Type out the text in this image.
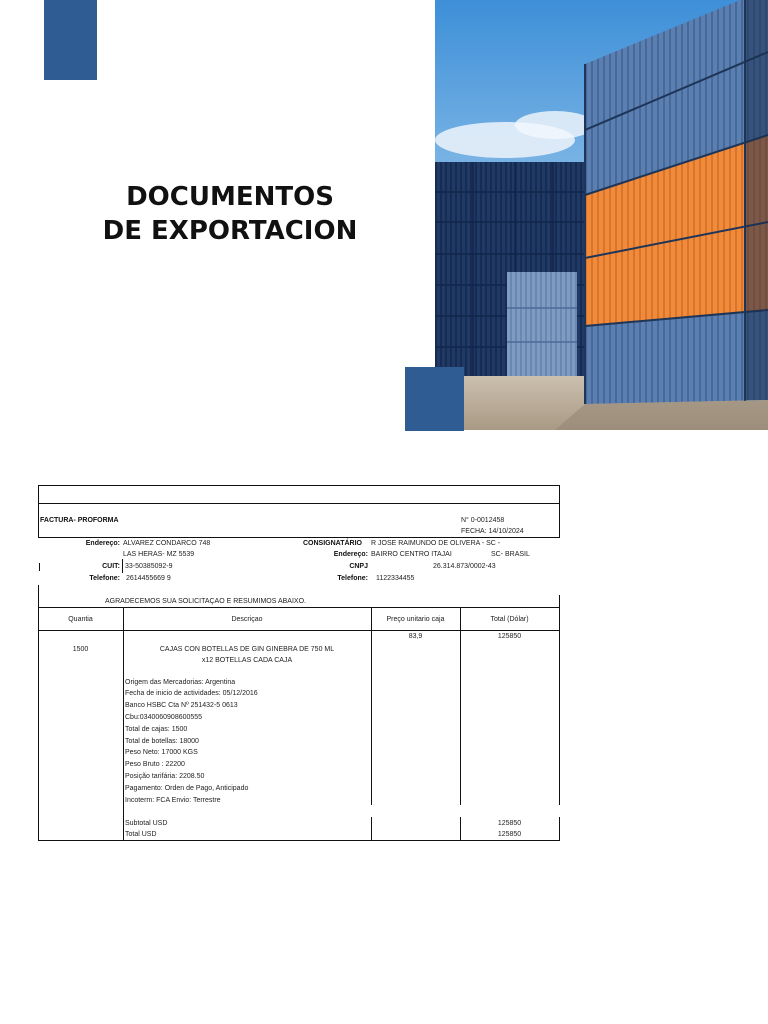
DOCUMENTOS
DE EXPORTACION
FACTURA- PROFORMA	N° 0-0012458
FECHA: 14/10/2024
Endereço: ALVAREZ CONDARCO 748
LAS HERAS- MZ 5539
CUIT: 33-50385092-9
Telefone: 2614455669 9
CONSIGNATÁRIO R JOSE RAIMUNDO DE OLIVERA - SC -
Endereço: BAIRRO CENTRO ITAJAI	SC- BRASIL
CNPJ	26.314.873/0002-43
Telefone: 1122334455
AGRADECEMOS SUA SOLICITAÇAO E RESUMIMOS ABAIXO.
Quantia	Descriçao	Preço unitario caja	Total (Dólar)
1500	CAJAS CON BOTELLAS DE GIN GINEBRA DE 750 ML
x12 BOTELLAS CADA CAJA
83,9	125850
Origem das Mercadorias: Argentina
Fecha de inicio de actividades: 05/12/2016
Banco HSBC Cta Nº 251432-5 0613
Cbu:0340060908600555
Total de cajas: 1500
Total de botellas: 18000
Peso Neto: 17000 KGS
Peso Bruto : 22200
Posição tarifária: 2208.50
Pagamento: Orden de Pago, Anticipado
Incoterm: FCA Envio: Terrestre
Subtotal USD	125850
Total USD	125850
